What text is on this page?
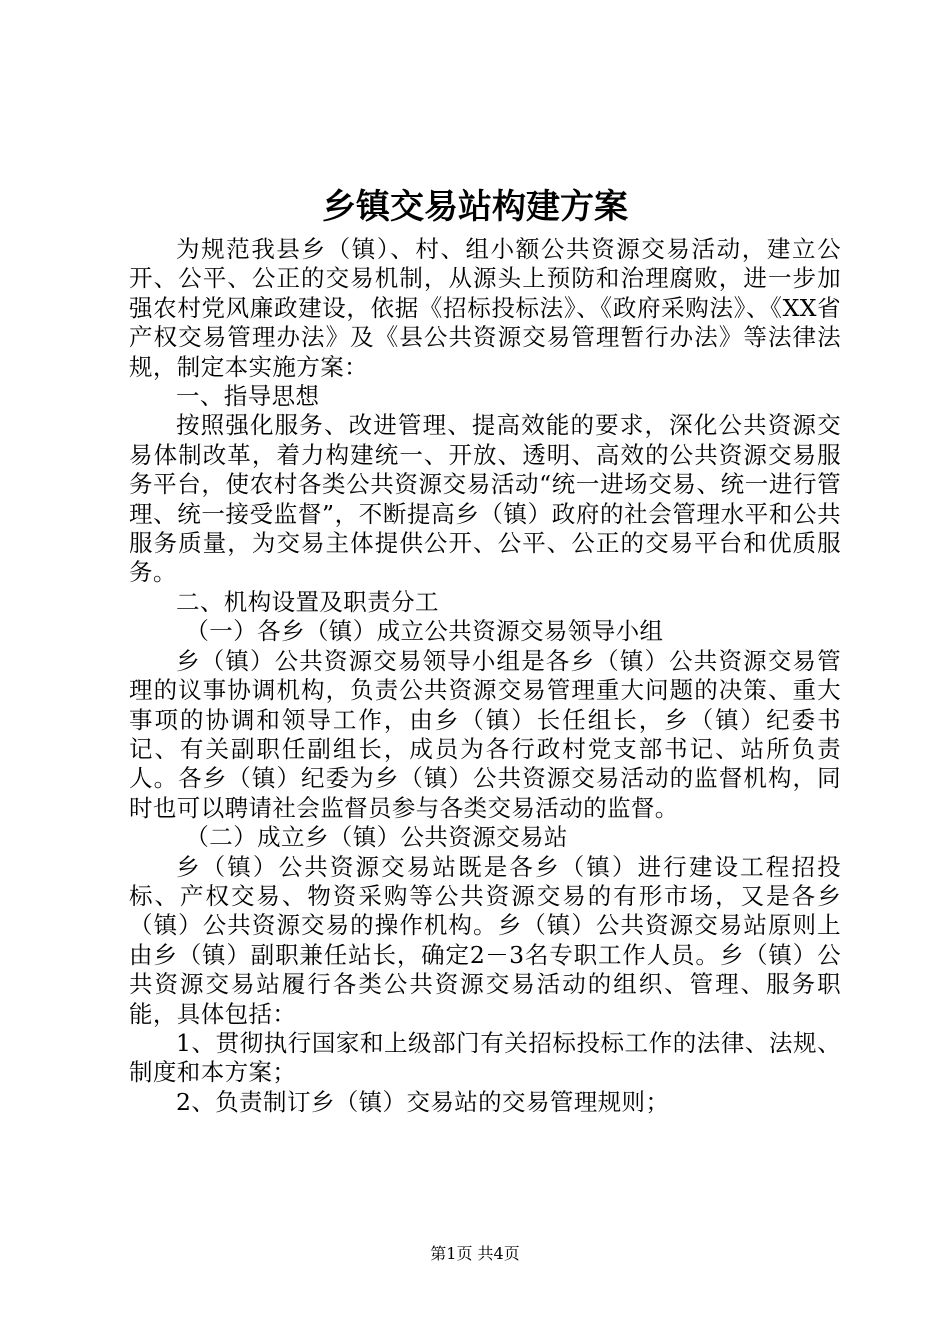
乡镇交易站构建方案

为规范我县乡（镇）、村、组小额公共资源交易活动，建立公开、公平、公正的交易机制，从源头上预防和治理腐败，进一步加强农村党风廉政建设，依据《招标投标法》、《政府采购法》、《XX省产权交易管理办法》及《县公共资源交易管理暂行办法》等法律法规，制定本实施方案：

一、指导思想

按照强化服务、改进管理、提高效能的要求，深化公共资源交易体制改革，着力构建统一、开放、透明、高效的公共资源交易服务平台，使农村各类公共资源交易活动“统一进场交易、统一进行管理、统一接受监督”，不断提高乡（镇）政府的社会管理水平和公共服务质量，为交易主体提供公开、公平、公正的交易平台和优质服务。

二、机构设置及职责分工

（一）各乡（镇）成立公共资源交易领导小组

乡（镇）公共资源交易领导小组是各乡（镇）公共资源交易管理的议事协调机构，负责公共资源交易管理重大问题的决策、重大事项的协调和领导工作，由乡（镇）长任组长，乡（镇）纪委书记、有关副职任副组长，成员为各行政村党支部书记、站所负责人。各乡（镇）纪委为乡（镇）公共资源交易活动的监督机构，同时也可以聘请社会监督员参与各类交易活动的监督。

（二）成立乡（镇）公共资源交易站

乡（镇）公共资源交易站既是各乡（镇）进行建设工程招投标、产权交易、物资采购等公共资源交易的有形市场，又是各乡（镇）公共资源交易的操作机构。乡（镇）公共资源交易站原则上由乡（镇）副职兼任站长，确定2－3名专职工作人员。乡（镇）公共资源交易站履行各类公共资源交易活动的组织、管理、服务职能，具体包括：

1、贯彻执行国家和上级部门有关招标投标工作的法律、法规、制度和本方案；

2、负责制订乡（镇）交易站的交易管理规则；

第1页 共4页
